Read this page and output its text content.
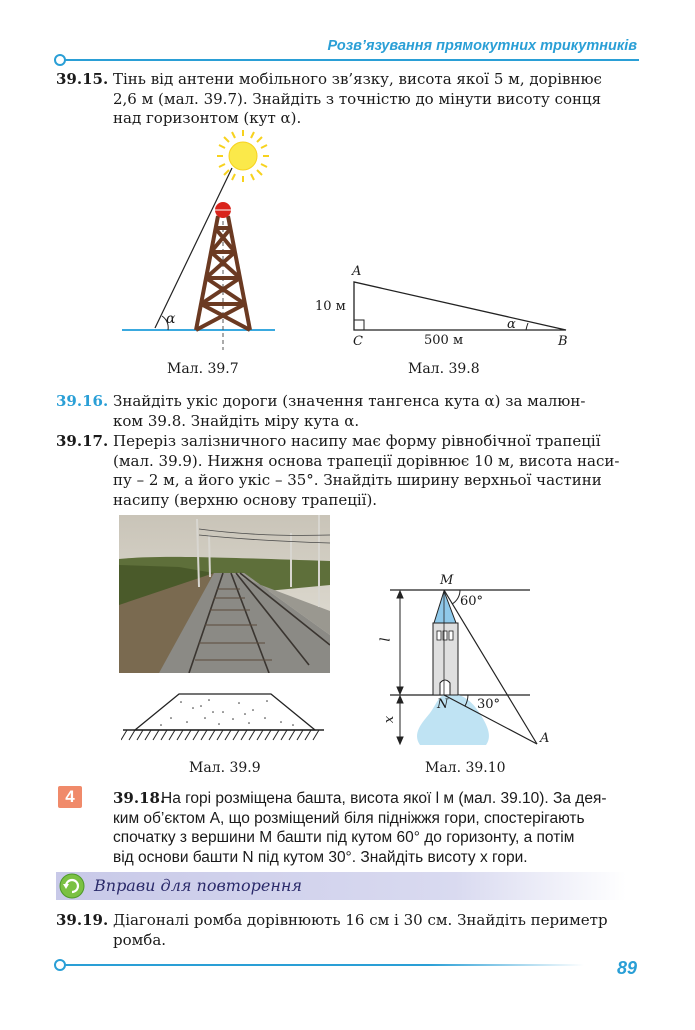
Розв’язування прямокутних трикутників
39.15. Тінь від антени мобільного зв’язку, висота якої 5 м, дорівнює
2,6 м (мал. 39.7). Знайдіть з точністю до мінути висоту сонця
над горизонтом (кут α).
α
Мал. 39.7
A
10 м
C	500 м
α
B
Мал. 39.8
39.16. Знайдіть укіс дороги (значення тангенса кута α) за малюн-
ком 39.8. Знайдіть міру кута α.
39.17. Переріз залізничного насипу має форму рівнобічної трапеції
(мал. 39.9). Нижня основа трапеції дорівнює 10 м, висота наси-
пу – 2 м, а його укіс – 35°. Знайдіть ширину верхньої частини
насипу (верхню основу трапеції).
Мал. 39.9
M
60°
l
N 30°
x
A
Мал. 39.10
4	39.18.
На горі розміщена башта, висота якої l м (мал. 39.10). За дея-
ким об’єктом A, що розміщений біля підніжжя гори, спостерігають
спочатку з вершини M башти під кутом 60° до горизонту, а потім
від основи башти N під кутом 30°. Знайдіть висоту x гори.
Вправи для повторення
39.19. Діагоналі ромба дорівнюють 16 см і 30 см. Знайдіть периметр
ромба.
89
